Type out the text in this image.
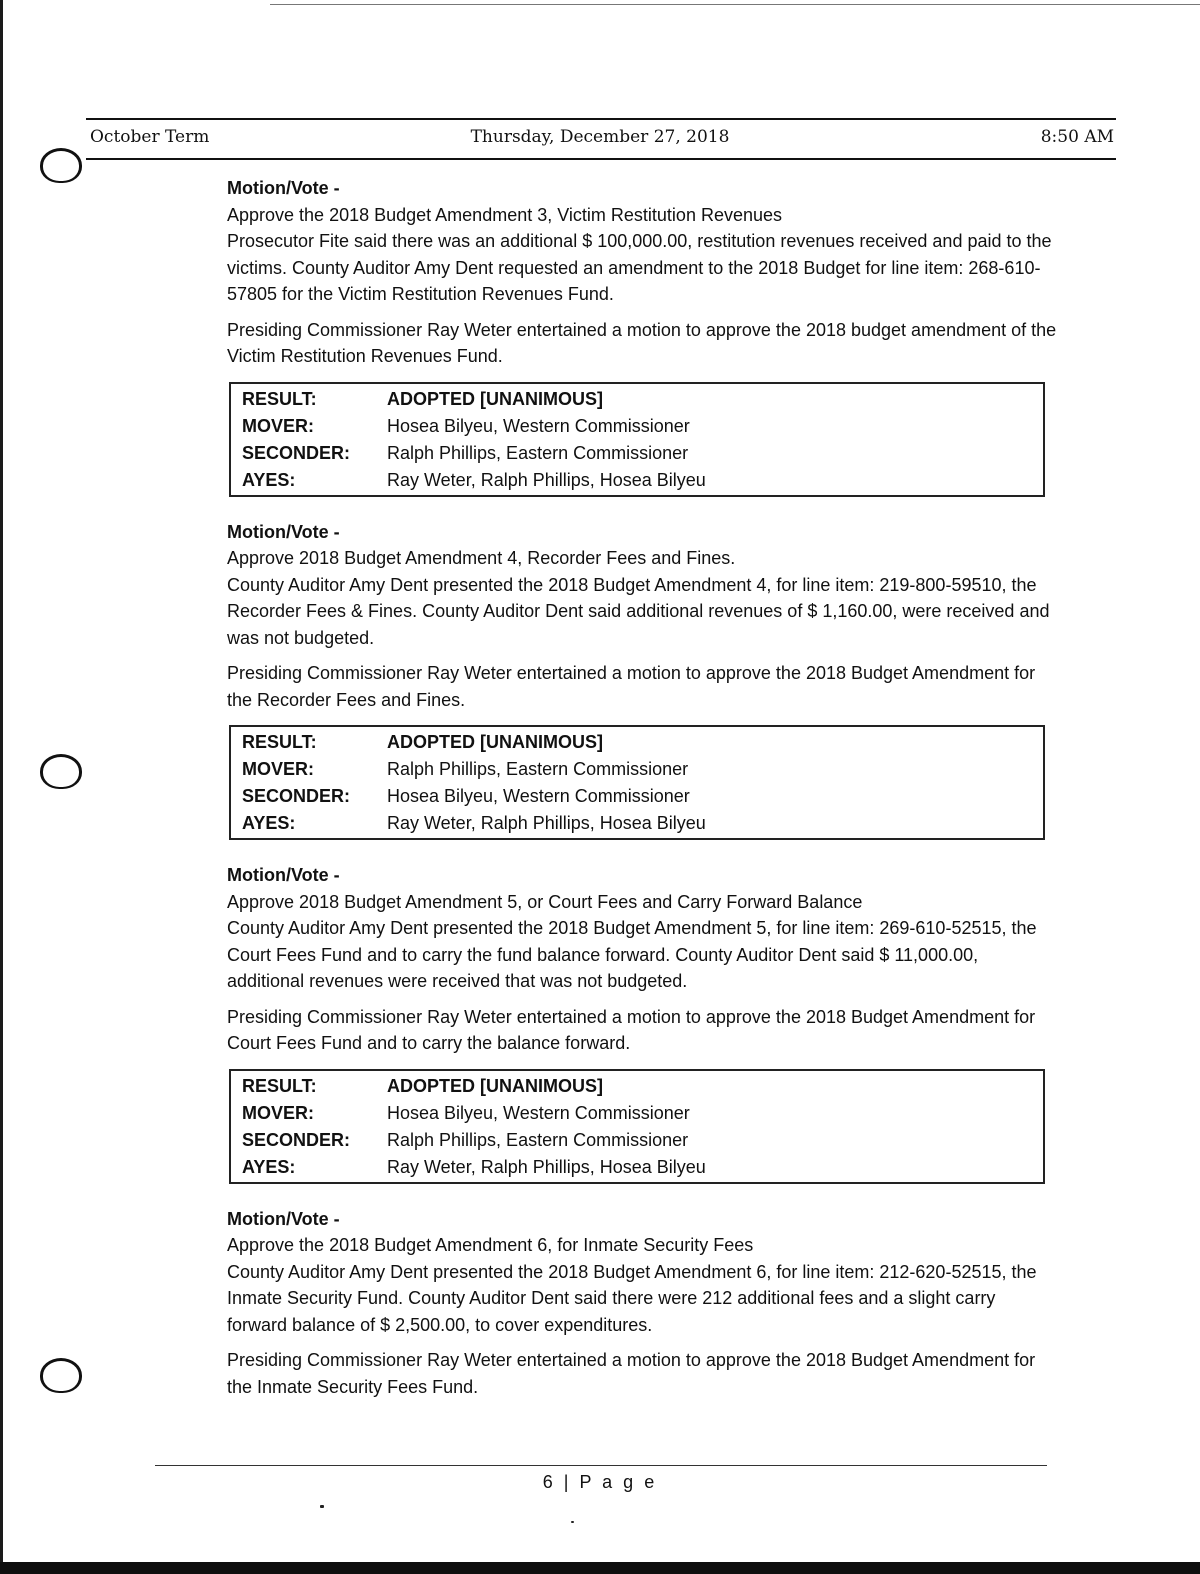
October Term	Thursday, December 27, 2018	8:50 AM
Motion/Vote -

Approve the 2018 Budget Amendment 3, Victim Restitution Revenues
Prosecutor Fite said there was an additional $ 100,000.00, restitution revenues received and paid to the victims. County Auditor Amy Dent requested an amendment to the 2018 Budget for line item: 268-610-57805 for the Victim Restitution Revenues Fund.

Presiding Commissioner Ray Weter entertained a motion to approve the 2018 budget amendment of the Victim Restitution Revenues Fund.

RESULT:	ADOPTED [UNANIMOUS]
MOVER:	Hosea Bilyeu, Western Commissioner
SECONDER:	Ralph Phillips, Eastern Commissioner
AYES:	Ray Weter, Ralph Phillips, Hosea Bilyeu
Motion/Vote -

Approve 2018 Budget Amendment 4, Recorder Fees and Fines.
County Auditor Amy Dent presented the 2018 Budget Amendment 4, for line item: 219-800-59510, the Recorder Fees & Fines. County Auditor Dent said additional revenues of $ 1,160.00, were received and was not budgeted.

Presiding Commissioner Ray Weter entertained a motion to approve the 2018 Budget Amendment for the Recorder Fees and Fines.

RESULT:	ADOPTED [UNANIMOUS]
MOVER:	Ralph Phillips, Eastern Commissioner
SECONDER:	Hosea Bilyeu, Western Commissioner
AYES:	Ray Weter, Ralph Phillips, Hosea Bilyeu
Motion/Vote -

Approve 2018 Budget Amendment 5, or Court Fees and Carry Forward Balance
County Auditor Amy Dent presented the 2018 Budget Amendment 5, for line item: 269-610-52515, the Court Fees Fund and to carry the fund balance forward. County Auditor Dent said $ 11,000.00, additional revenues were received that was not budgeted.

Presiding Commissioner Ray Weter entertained a motion to approve the 2018 Budget Amendment for Court Fees Fund and to carry the balance forward.

RESULT:	ADOPTED [UNANIMOUS]
MOVER:	Hosea Bilyeu, Western Commissioner
SECONDER:	Ralph Phillips, Eastern Commissioner
AYES:	Ray Weter, Ralph Phillips, Hosea Bilyeu
Motion/Vote -

Approve the 2018 Budget Amendment 6, for Inmate Security Fees
County Auditor Amy Dent presented the 2018 Budget Amendment 6, for line item: 212-620-52515, the Inmate Security Fund. County Auditor Dent said there were 212 additional fees and a slight carry forward balance of $ 2,500.00, to cover expenditures.

Presiding Commissioner Ray Weter entertained a motion to approve the 2018 Budget Amendment for the Inmate Security Fees Fund.

6 | P a g e
